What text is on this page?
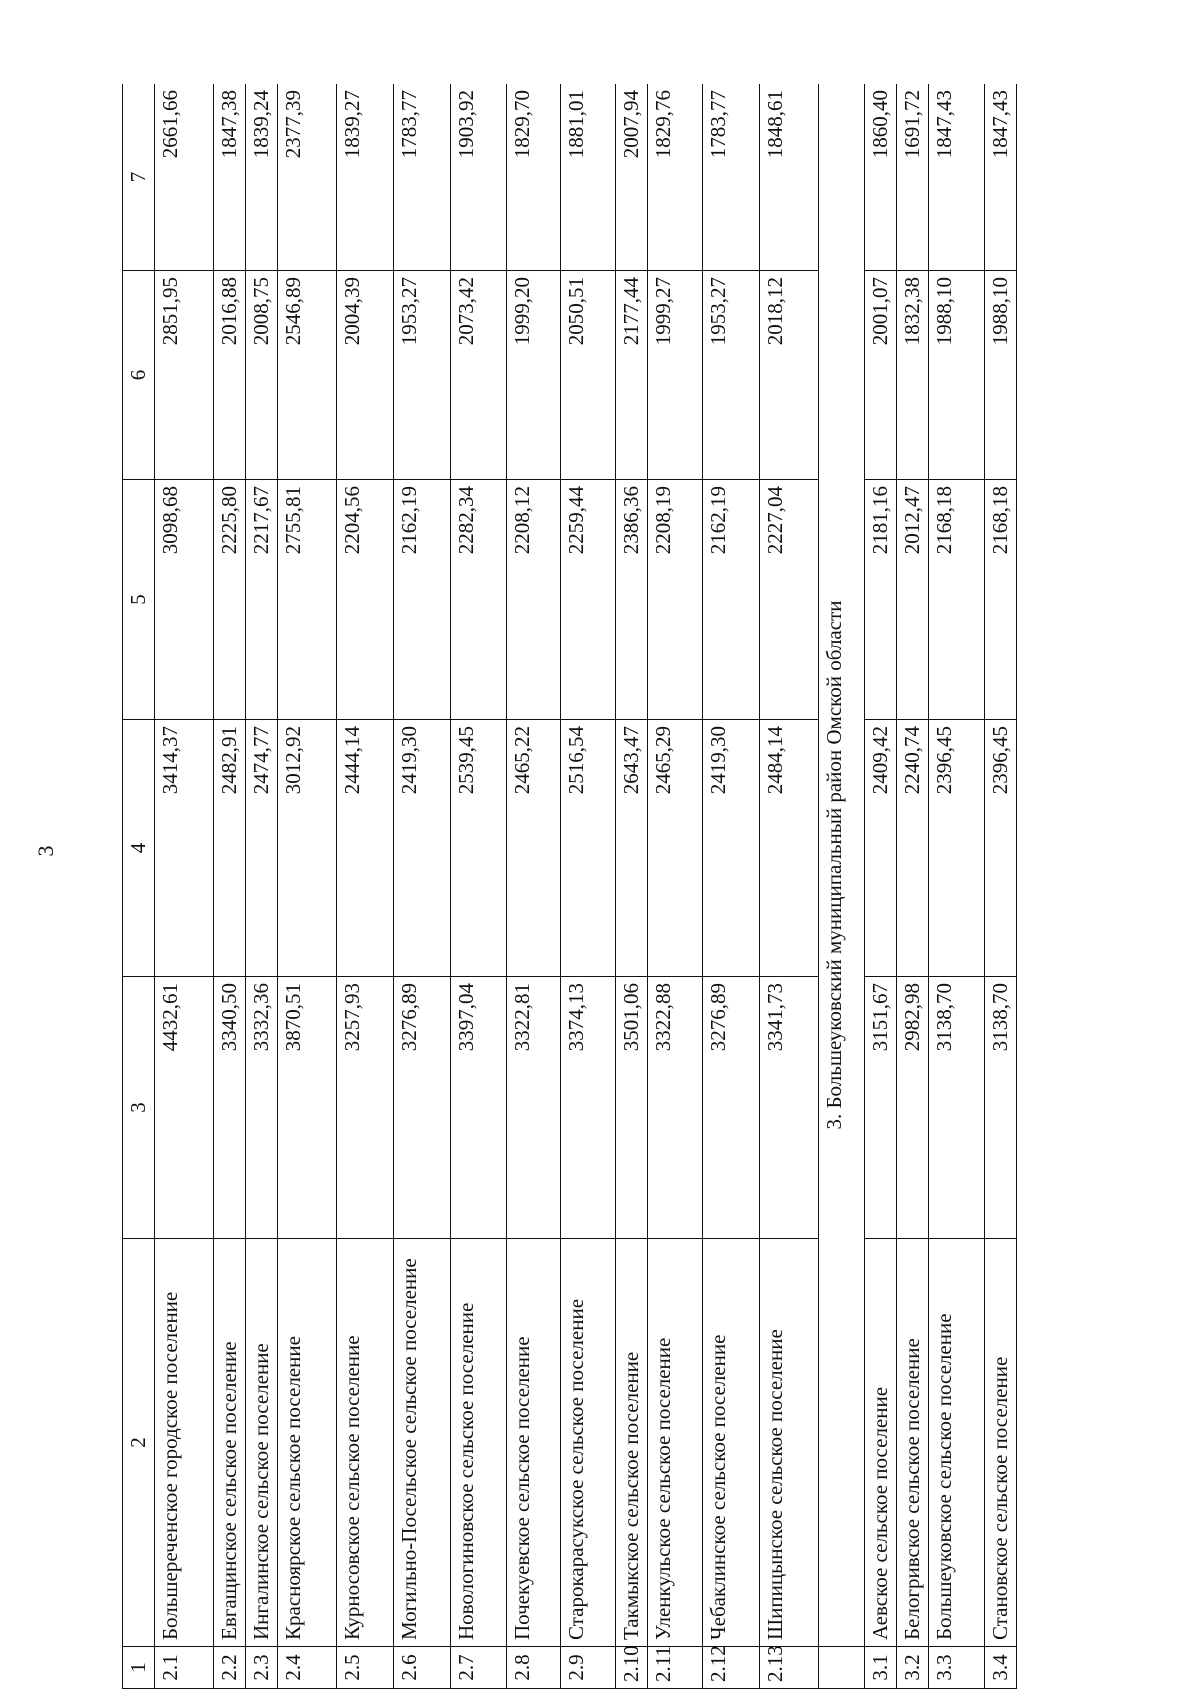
3
1	2	3	4	5	6	7
2.1	Большереченское городское поселение	4432,61	3414,37	3098,68	2851,95	2661,66
2.2	Евгащинское сельское поселение	3340,50	2482,91	2225,80	2016,88	1847,38
2.3	Ингалинское сельское поселение	3332,36	2474,77	2217,67	2008,75	1839,24
2.4	Красноярское сельское поселение	3870,51	3012,92	2755,81	2546,89	2377,39
2.5	Курносовское сельское поселение	3257,93	2444,14	2204,56	2004,39	1839,27
2.6	Могильно-Посельское сельское поселение	3276,89	2419,30	2162,19	1953,27	1783,77
2.7	Новологиновское сельское поселение	3397,04	2539,45	2282,34	2073,42	1903,92
2.8	Почекуевское сельское поселение	3322,81	2465,22	2208,12	1999,20	1829,70
2.9	Старокарасукское сельское поселение	3374,13	2516,54	2259,44	2050,51	1881,01
2.10	Такмыкское сельское поселение	3501,06	2643,47	2386,36	2177,44	2007,94
2.11	Уленкульское сельское поселение	3322,88	2465,29	2208,19	1999,27	1829,76
2.12	Чебаклинское сельское поселение	3276,89	2419,30	2162,19	1953,27	1783,77
2.13	Шипицынское сельское поселение	3341,73	2484,14	2227,04	2018,12	1848,61
	3. Большеуковский муниципальный район Омской области					
3.1	Аевское сельское поселение	3151,67	2409,42	2181,16	2001,07	1860,40
3.2	Белогривское сельское поселение	2982,98	2240,74	2012,47	1832,38	1691,72
3.3	Большеуковское сельское поселение	3138,70	2396,45	2168,18	1988,10	1847,43
3.4	Становское сельское поселение	3138,70	2396,45	2168,18	1988,10	1847,43
